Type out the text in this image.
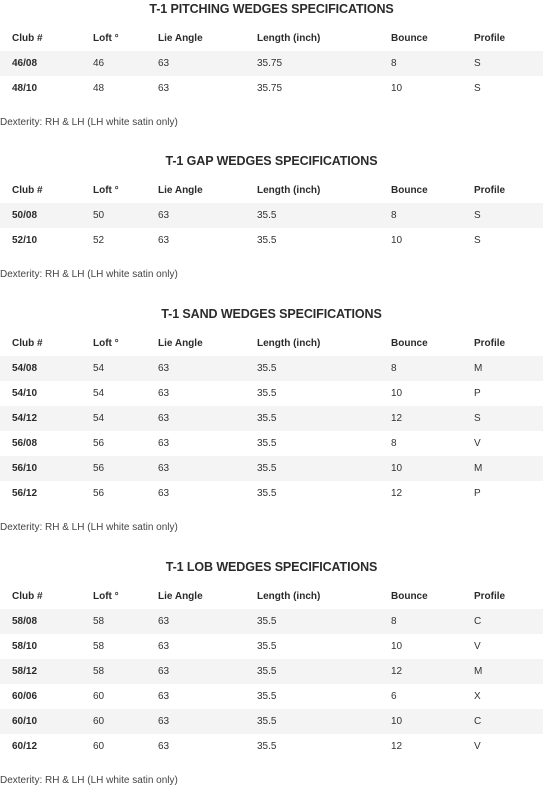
T-1 PITCHING WEDGES SPECIFICATIONS
Club #	Loft °	Lie Angle	Length (inch)	Bounce	Profile
46/08	46	63	35.75	8	S
48/10	48	63	35.75	10	S
Dexterity: RH & LH (LH white satin only)
T-1 GAP WEDGES SPECIFICATIONS
Club #	Loft °	Lie Angle	Length (inch)	Bounce	Profile
50/08	50	63	35.5	8	S
52/10	52	63	35.5	10	S
Dexterity: RH & LH (LH white satin only)
T-1 SAND WEDGES SPECIFICATIONS
Club #	Loft °	Lie Angle	Length (inch)	Bounce	Profile
54/08	54	63	35.5	8	M
54/10	54	63	35.5	10	P
54/12	54	63	35.5	12	S
56/08	56	63	35.5	8	V
56/10	56	63	35.5	10	M
56/12	56	63	35.5	12	P
Dexterity: RH & LH (LH white satin only)
T-1 LOB WEDGES SPECIFICATIONS
Club #	Loft °	Lie Angle	Length (inch)	Bounce	Profile
58/08	58	63	35.5	8	C
58/10	58	63	35.5	10	V
58/12	58	63	35.5	12	M
60/06	60	63	35.5	6	X
60/10	60	63	35.5	10	C
60/12	60	63	35.5	12	V
Dexterity: RH & LH (LH white satin only)
